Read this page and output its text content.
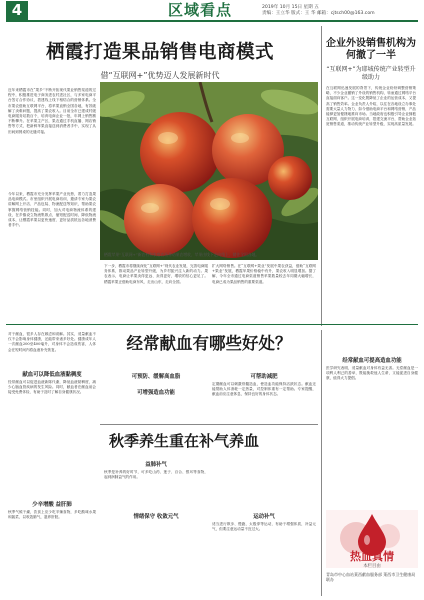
4	区域看点	2019年 10月 15日 星期 五
责编：王立华 版式：王 华 邮箱：cjtsch00@163.com
栖霞打造果品销售电商模式
借“互联网+”优势迈人发展新时代
近年来栖霞市在“果乡”不断开拓现代果业销售渠道的过程中，积极推进电子商务进农村进社区，与多家电商平台签订合作协议，搭建线上线下相结合的营销体系。全市果农借助互联网平台，将苹果直销全国各地，有效破解了卖难问题，提高了果农收入。目前全市已建成村级电商服务站数百个，培育电商企业一批，年网上销售额不断攀升。在苹果主产区，果农通过手机直播、网店销售等方式，把新鲜苹果直接送到消费者手中，实现了从田间到餐桌的无缝对接。
今年以来，栖霞市充分发挥苹果产业优势，着力打造果品电商模式。市里组织开展电商培训，邀请专家为果农讲解网上开店、产品包装、物流配送等知识，帮助果农掌握网络营销技能。同时，加大对电商物流体系的建设，在乡镇设立物流集散点，缩短配送时间，降低物流成本，让栖霞苹果以更快速度、更好品质抵达各地消费者手中。
栖霞苹果“互联网+”新农村和家庭农场带动果农增收，苹果由线下走向线上，销往全国各地。
下一步，栖霞市将继续深化“互联网+”现代农业发展，完善电商服务体系，推动果品产业转型升级，为乡村振兴注入新的动力。果农表示，电商让苹果卖得更远、卖得更好，增收的信心更足了。栖霞苹果正借助电商东风，走出山东，走向全国。
扩大网络销售。在“互联网+果业”发展中果农获益，借助“互联网+果业”发展，栖霞苹果价格稳中有升，果农收入明显增加。据了解，今年全市通过电商渠道销售苹果数量较去年同期大幅增长，电商已成为果品销售的重要渠道。
企业外设销售机构为何撤了一半
“互联网+”为耶城传统产业转型升级助力
在互联网迅速发展的背景下，传统企业纷纷调整营销策略，不少企业撤销了外设的销售机构，转而通过网络平台直接面向客户。这一变化既降低了企业的运营成本，又提高了销售效率。企业负责人介绍，以往在各地设立办事处需要大量人力物力，如今借助电商平台和网络营销，产品能够更加便捷地推向市场。当地政府也积极引导企业拥抱互联网，组织开展电商培训，搭建交流平台，帮助企业拓宽销售渠道，推动传统产业转型升级，实现高质量发展。
经常献血有哪些好处？
对于献血，很多人存在顾虑和误解。其实，适量献血不仅不会影响身体健康，还能带来诸多好处。健康成年人一次献血200至400毫升，对身体不会造成伤害，人体会在短时间内将血液补充恢复。
献血可以降低血液黏稠度
经常献血可以促进血液新陈代谢，降低血液黏稠度，减少心脑血管疾病的发生风险。同时，献血者在献血前会接受免费体检，有助于及时了解自身健康状况。
可预防、缓解高血脂
可增强造血功能
可帮助减肥
定期献血可以刺激骨髓造血，使造血功能保持活跃状态。献血还能帮助人体消耗一定热量，对控制体重有一定帮助。专家提醒，献血前应注意休息，保持良好的身体状态。
经常献血可提高造血功能
医学研究表明，适量献血对身体有益无害。无偿献血是一项利人利己的善举，既能挽救他人生命，又能促进自身健康，值得大力提倡。
秋季养生重在补气养血
少辛增酸 益肝肺
秋季气候干燥，饮食上应少吃辛辣食物，多吃酸味水果和蔬菜，以收敛肺气，滋养肝脏。
益肺补气
秋季是补养的好时节，可多吃山药、莲子、百合、银耳等食物，起到润肺益气的作用。
情绪保守 收敛元气	运动补气
适当进行散步、慢跑、太极拳等运动，有助于增强体质，补益元气，但要注意运动量不宜过大。
热血真情
本栏目由
青岛市中心血站莱西献血服务部 莱西市卫生健康局 联办
